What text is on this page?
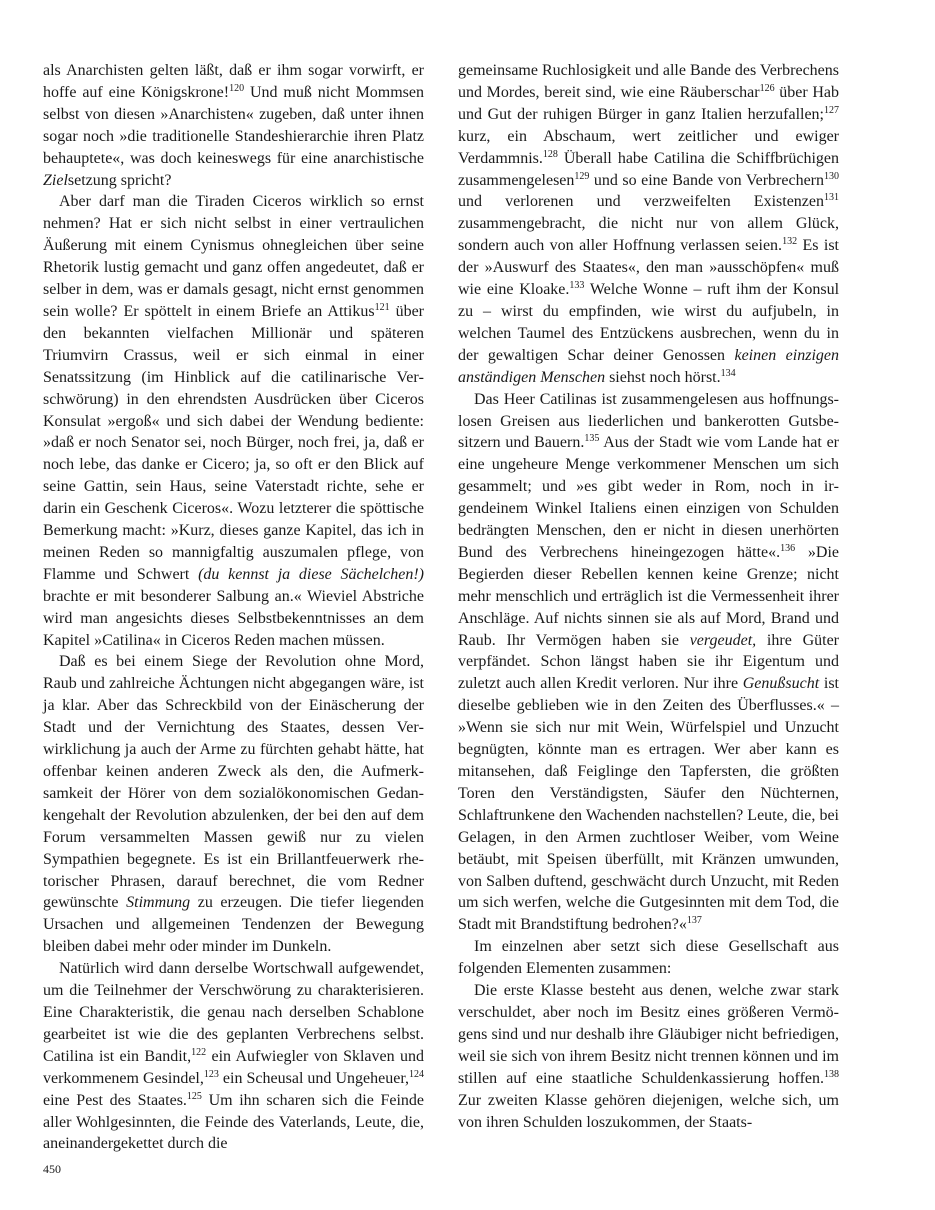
als Anarchisten gelten läßt, daß er ihm sogar vorwirft, er hoffe auf eine Königskrone!$^{120}$ Und muß nicht Mommsen selbst von diesen »Anarchisten« zugeben, daß unter ihnen sogar noch »die traditionelle Standeshierarchie ihren Platz behauptete«, was doch keineswegs für eine anarchistische Zielsetzung spricht?

Aber darf man die Tiraden Ciceros wirklich so ernst nehmen? Hat er sich nicht selbst in einer vertraulichen Äußerung mit einem Cynismus ohnegleichen über seine Rhetorik lustig gemacht und ganz offen angedeutet, daß er selber in dem, was er damals gesagt, nicht ernst genommen sein wolle? Er spöttelt in einem Briefe an Attikus$^{121}$ über den bekannten vielfachen Millionär und späteren Triumvirn Crassus, weil er sich einmal in einer Senatssitzung (im Hinblick auf die catilinarische Verschwörung) in den ehrendsten Ausdrücken über Ciceros Konsulat »ergoß« und sich dabei der Wendung bediente: »daß er noch Senator sei, noch Bürger, noch frei, ja, daß er noch lebe, das danke er Cicero; ja, so oft er den Blick auf seine Gattin, sein Haus, seine Vaterstadt richte, sehe er darin ein Geschenk Ciceros«. Wozu letzterer die spöttische Bemerkung macht: »Kurz, dieses ganze Kapitel, das ich in meinen Reden so mannigfaltig auszumalen pflege, von Flamme und Schwert (du kennst ja diese Sächelchen!) brachte er mit besonderer Salbung an.« Wieviel Abstriche wird man angesichts dieses Selbstbekenntnisses an dem Kapitel »Catilina« in Ciceros Reden machen müssen.

Daß es bei einem Siege der Revolution ohne Mord, Raub und zahlreiche Ächtungen nicht abgegangen wäre, ist ja klar. Aber das Schreckbild von der Einäscherung der Stadt und der Vernichtung des Staates, dessen Verwirklichung ja auch der Arme zu fürchten gehabt hätte, hat offenbar keinen anderen Zweck als den, die Aufmerksamkeit der Hörer von dem sozialökonomischen Gedankengehalt der Revolution abzulenken, der bei den auf dem Forum versammelten Massen gewiß nur zu vielen Sympathien begegnete. Es ist ein Brillantfeuerwerk rhetorischer Phrasen, darauf berechnet, die vom Redner gewünschte Stimmung zu erzeugen. Die tiefer liegenden Ursachen und allgemeinen Tendenzen der Bewegung bleiben dabei mehr oder minder im Dunkeln.

Natürlich wird dann derselbe Wortschwall aufgewendet, um die Teilnehmer der Verschwörung zu charakterisieren. Eine Charakteristik, die genau nach derselben Schablone gearbeitet ist wie die des geplanten Verbrechens selbst. Catilina ist ein Bandit,$^{122}$ ein Aufwiegler von Sklaven und verkommenem Gesindel,$^{123}$ ein Scheusal und Ungeheuer,$^{124}$ eine Pest des Staates.$^{125}$ Um ihn scharen sich die Feinde aller Wohlgesinnten, die Feinde des Vaterlands, Leute, die, aneinandergekettet durch die

gemeinsame Ruchlosigkeit und alle Bande des Verbrechens und Mordes, bereit sind, wie eine Räuberschar$^{126}$ über Hab und Gut der ruhigen Bürger in ganz Italien herzufallen;$^{127}$ kurz, ein Abschaum, wert zeitlicher und ewiger Verdammnis.$^{128}$ Überall habe Catilina die Schiffbrüchigen zusammengelesen$^{129}$ und so eine Bande von Verbrechern$^{130}$ und verlorenen und verzweifelten Existenzen$^{131}$ zusammengebracht, die nicht nur von allem Glück, sondern auch von aller Hoffnung verlassen seien.$^{132}$ Es ist der »Auswurf des Staates«, den man »ausschöpfen« muß wie eine Kloake.$^{133}$ Welche Wonne – ruft ihm der Konsul zu – wirst du empfinden, wie wirst du aufjubeln, in welchen Taumel des Entzückens ausbrechen, wenn du in der gewaltigen Schar deiner Genossen keinen einzigen anständigen Menschen siehst noch hörst.$^{134}$

Das Heer Catilinas ist zusammengelesen aus hoffnungslosen Greisen aus liederlichen und bankerotten Gutsbesitzern und Bauern.$^{135}$ Aus der Stadt wie vom Lande hat er eine ungeheure Menge verkommener Menschen um sich gesammelt; und »es gibt weder in Rom, noch in irgendeinem Winkel Italiens einen einzigen von Schulden bedrängten Menschen, den er nicht in diesen unerhörten Bund des Verbrechens hineingezogen hätte«.$^{136}$ »Die Begierden dieser Rebellen kennen keine Grenze; nicht mehr menschlich und erträglich ist die Vermessenheit ihrer Anschläge. Auf nichts sinnen sie als auf Mord, Brand und Raub. Ihr Vermögen haben sie vergeudet, ihre Güter verpfändet. Schon längst haben sie ihr Eigentum und zuletzt auch allen Kredit verloren. Nur ihre Genußsucht ist dieselbe geblieben wie in den Zeiten des Überflusses.« – »Wenn sie sich nur mit Wein, Würfelspiel und Unzucht begnügten, könnte man es ertragen. Wer aber kann es mitansehen, daß Feiglinge den Tapfersten, die größten Toren den Verständigsten, Säufer den Nüchternen, Schlaftrunkene den Wachenden nachstellen? Leute, die, bei Gelagen, in den Armen zuchtloser Weiber, vom Weine betäubt, mit Speisen überfüllt, mit Kränzen umwunden, von Salben duftend, geschwächt durch Unzucht, mit Reden um sich werfen, welche die Gutgesinnten mit dem Tod, die Stadt mit Brandstiftung bedrohen?«$^{137}$

Im einzelnen aber setzt sich diese Gesellschaft aus folgenden Elementen zusammen:

Die erste Klasse besteht aus denen, welche zwar stark verschuldet, aber noch im Besitz eines größeren Vermögens sind und nur deshalb ihre Gläubiger nicht befriedigen, weil sie sich von ihrem Besitz nicht trennen können und im stillen auf eine staatliche Schuldenkassierung hoffen.$^{138}$ Zur zweiten Klasse gehören diejenigen, welche sich, um von ihren Schulden loszukommen, der Staats-

450
